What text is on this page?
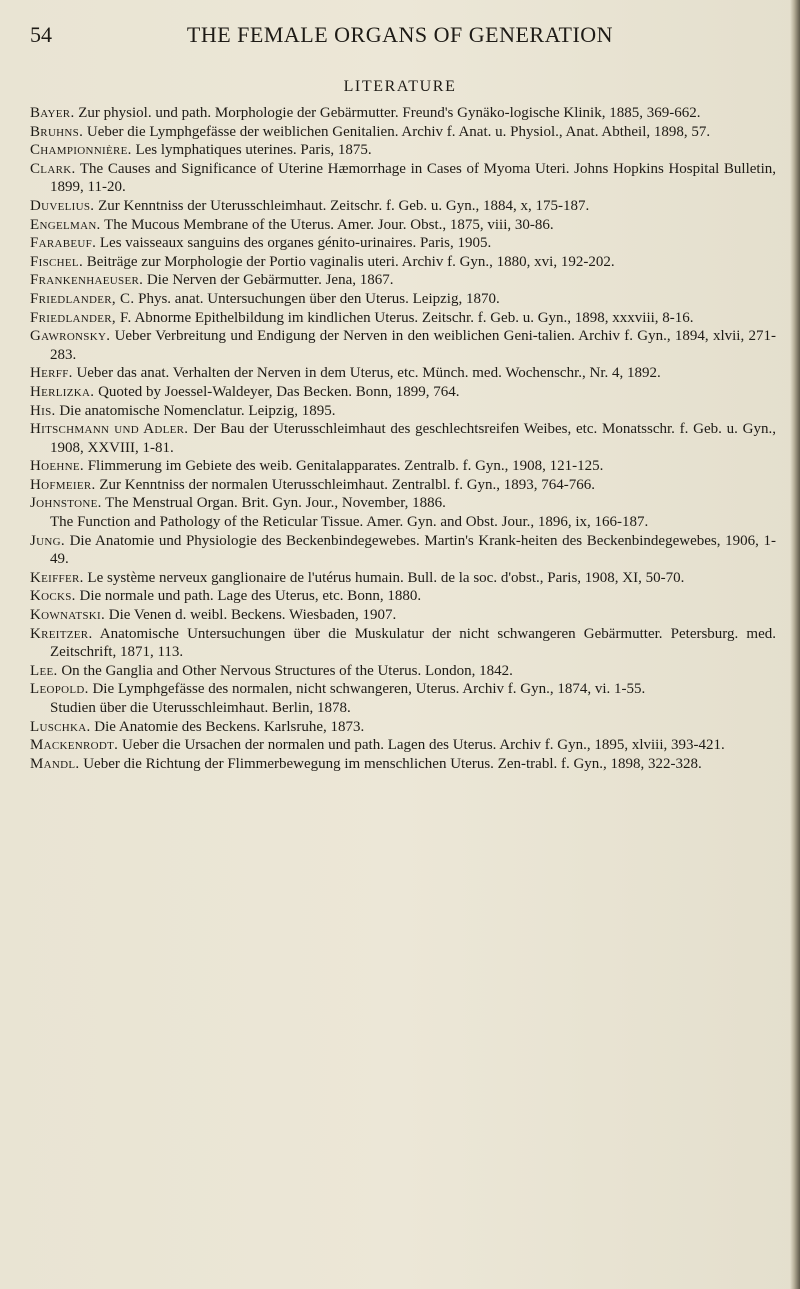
54	THE FEMALE ORGANS OF GENERATION
LITERATURE

Bayer. Zur physiol. und path. Morphologie der Gebärmutter. Freund's Gynäko-logische Klinik, 1885, 369-662.

Bruhns. Ueber die Lymphgefässe der weiblichen Genitalien. Archiv f. Anat. u. Physiol., Anat. Abtheil, 1898, 57.

Championnière. Les lymphatiques uterines. Paris, 1875.

Clark. The Causes and Significance of Uterine Hæmorrhage in Cases of Myoma Uteri. Johns Hopkins Hospital Bulletin, 1899, 11-20.

Duvelius. Zur Kenntniss der Uterusschleimhaut. Zeitschr. f. Geb. u. Gyn., 1884, x, 175-187.

Engelman. The Mucous Membrane of the Uterus. Amer. Jour. Obst., 1875, viii, 30-86.

Farabeuf. Les vaisseaux sanguins des organes génito-urinaires. Paris, 1905.

Fischel. Beiträge zur Morphologie der Portio vaginalis uteri. Archiv f. Gyn., 1880, xvi, 192-202.

Frankenhaeuser. Die Nerven der Gebärmutter. Jena, 1867.

Friedlander, C. Phys. anat. Untersuchungen über den Uterus. Leipzig, 1870.

Friedlander, F. Abnorme Epithelbildung im kindlichen Uterus. Zeitschr. f. Geb. u. Gyn., 1898, xxxviii, 8-16.

Gawronsky. Ueber Verbreitung und Endigung der Nerven in den weiblichen Geni-talien. Archiv f. Gyn., 1894, xlvii, 271-283.

Herff. Ueber das anat. Verhalten der Nerven in dem Uterus, etc. Münch. med. Wochenschr., Nr. 4, 1892.

Herlizka. Quoted by Joessel-Waldeyer, Das Becken. Bonn, 1899, 764.

His. Die anatomische Nomenclatur. Leipzig, 1895.

Hitschmann und Adler. Der Bau der Uterusschleimhaut des geschlechtsreifen Weibes, etc. Monatsschr. f. Geb. u. Gyn., 1908, XXVIII, 1-81.

Hoehne. Flimmerung im Gebiete des weib. Genitalapparates. Zentralb. f. Gyn., 1908, 121-125.

Hofmeier. Zur Kenntniss der normalen Uterusschleimhaut. Zentralbl. f. Gyn., 1893, 764-766.

Johnstone. The Menstrual Organ. Brit. Gyn. Jour., November, 1886.

The Function and Pathology of the Reticular Tissue. Amer. Gyn. and Obst. Jour., 1896, ix, 166-187.

Jung. Die Anatomie und Physiologie des Beckenbindegewebes. Martin's Krank-heiten des Beckenbindegewebes, 1906, 1-49.

Keiffer. Le système nerveux ganglionaire de l'utérus humain. Bull. de la soc. d'obst., Paris, 1908, XI, 50-70.

Kocks. Die normale und path. Lage des Uterus, etc. Bonn, 1880.

Kownatski. Die Venen d. weibl. Beckens. Wiesbaden, 1907.

Kreitzer. Anatomische Untersuchungen über die Muskulatur der nicht schwangeren Gebärmutter. Petersburg. med. Zeitschrift, 1871, 113.

Lee. On the Ganglia and Other Nervous Structures of the Uterus. London, 1842.

Leopold. Die Lymphgefässe des normalen, nicht schwangeren, Uterus. Archiv f. Gyn., 1874, vi. 1-55.

Studien über die Uterusschleimhaut. Berlin, 1878.

Luschka. Die Anatomie des Beckens. Karlsruhe, 1873.

Mackenrodt. Ueber die Ursachen der normalen und path. Lagen des Uterus. Archiv f. Gyn., 1895, xlviii, 393-421.

Mandl. Ueber die Richtung der Flimmerbewegung im menschlichen Uterus. Zen-trabl. f. Gyn., 1898, 322-328.
